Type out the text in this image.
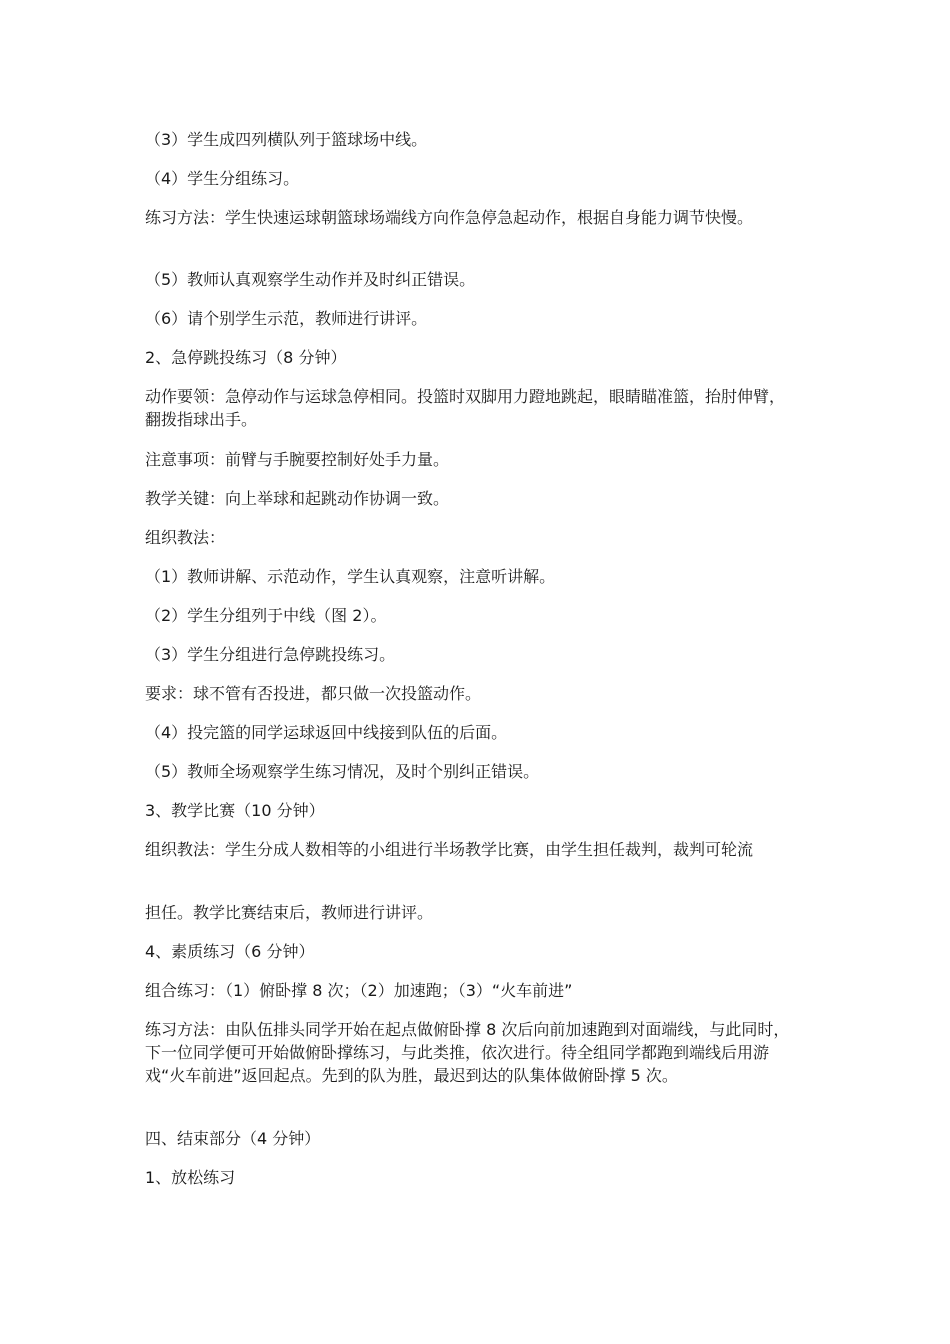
（3）学生成四列横队列于篮球场中线。
（4）学生分组练习。
练习方法：学生快速运球朝篮球场端线方向作急停急起动作，根据自身能力调节快慢。
（5）教师认真观察学生动作并及时纠正错误。
（6）请个别学生示范，教师进行讲评。
2、急停跳投练习（8 分钟）
动作要领：急停动作与运球急停相同。投篮时双脚用力蹬地跳起，眼睛瞄准篮，抬肘伸臂，翻拨指球出手。
注意事项：前臂与手腕要控制好处手力量。
教学关键：向上举球和起跳动作协调一致。
组织教法：
（1）教师讲解、示范动作，学生认真观察，注意听讲解。
（2）学生分组列于中线（图 2）。
（3）学生分组进行急停跳投练习。
要求：球不管有否投进，都只做一次投篮动作。
（4）投完篮的同学运球返回中线接到队伍的后面。
（5）教师全场观察学生练习情况，及时个别纠正错误。
3、教学比赛（10 分钟）
组织教法：学生分成人数相等的小组进行半场教学比赛，由学生担任裁判，裁判可轮流
担任。教学比赛结束后，教师进行讲评。
4、素质练习（6 分钟）
组合练习：（1）俯卧撑 8 次；（2）加速跑；（3）“火车前进”
练习方法：由队伍排头同学开始在起点做俯卧撑 8 次后向前加速跑到对面端线，与此同时，下一位同学便可开始做俯卧撑练习，与此类推，依次进行。待全组同学都跑到端线后用游戏“火车前进”返回起点。先到的队为胜，最迟到达的队集体做俯卧撑 5 次。
四、结束部分（4 分钟）
1、放松练习
